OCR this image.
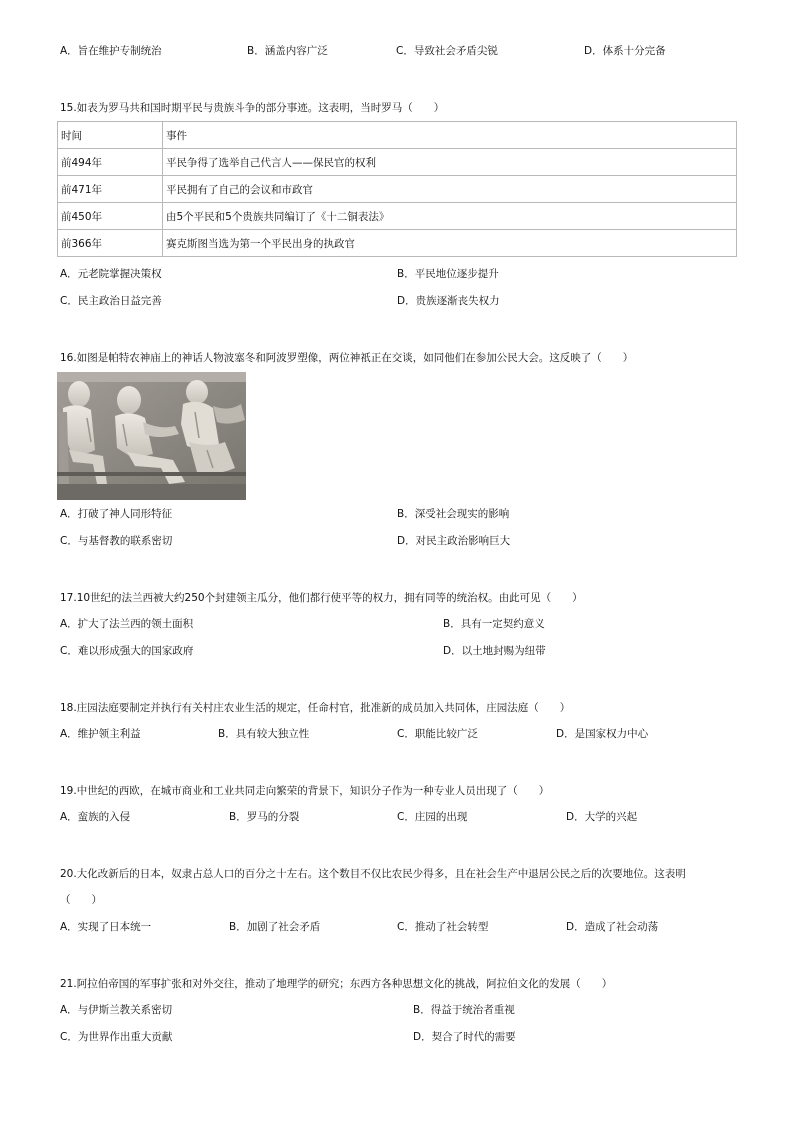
A．旨在维护专制统治	B．涵盖内容广泛	C．导致社会矛盾尖锐	D．体系十分完备
15.如表为罗马共和国时期平民与贵族斗争的部分事迹。这表明，当时罗马（　　）
时间	事件
前494年	平民争得了选举自己代言人——保民官的权利
前471年	平民拥有了自己的会议和市政官
前450年	由5个平民和5个贵族共同编订了《十二铜表法》
前366年	赛克斯图当选为第一个平民出身的执政官
A．元老院掌握决策权	B．平民地位逐步提升
C．民主政治日益完善	D．贵族逐渐丧失权力
16.如图是帕特农神庙上的神话人物波塞冬和阿波罗塑像，两位神祇正在交谈，如同他们在参加公民大会。这反映了（　　）
A．打破了神人同形特征	B．深受社会现实的影响
C．与基督教的联系密切	D．对民主政治影响巨大
17.10世纪的法兰西被大约250个封建领主瓜分，他们都行使平等的权力，拥有同等的统治权。由此可见（　　）
A．扩大了法兰西的领土面积	B．具有一定契约意义
C．难以形成强大的国家政府	D．以土地封赐为纽带
18.庄园法庭要制定并执行有关村庄农业生活的规定，任命村官，批准新的成员加入共同体，庄园法庭（　　）
A．维护领主利益	B．具有较大独立性	C．职能比较广泛	D．是国家权力中心
19.中世纪的西欧，在城市商业和工业共同走向繁荣的背景下，知识分子作为一种专业人员出现了（　　）
A．蛮族的入侵	B．罗马的分裂	C．庄园的出现	D．大学的兴起
20.大化改新后的日本，奴隶占总人口的百分之十左右。这个数目不仅比农民少得多，且在社会生产中退居公民之后的次要地位。这表明
（　　）
A．实现了日本统一	B．加剧了社会矛盾	C．推动了社会转型	D．造成了社会动荡
21.阿拉伯帝国的军事扩张和对外交往，推动了地理学的研究；东西方各种思想文化的挑战，阿拉伯文化的发展（　　）
A．与伊斯兰教关系密切	B．得益于统治者重视
C．为世界作出重大贡献	D．契合了时代的需要
